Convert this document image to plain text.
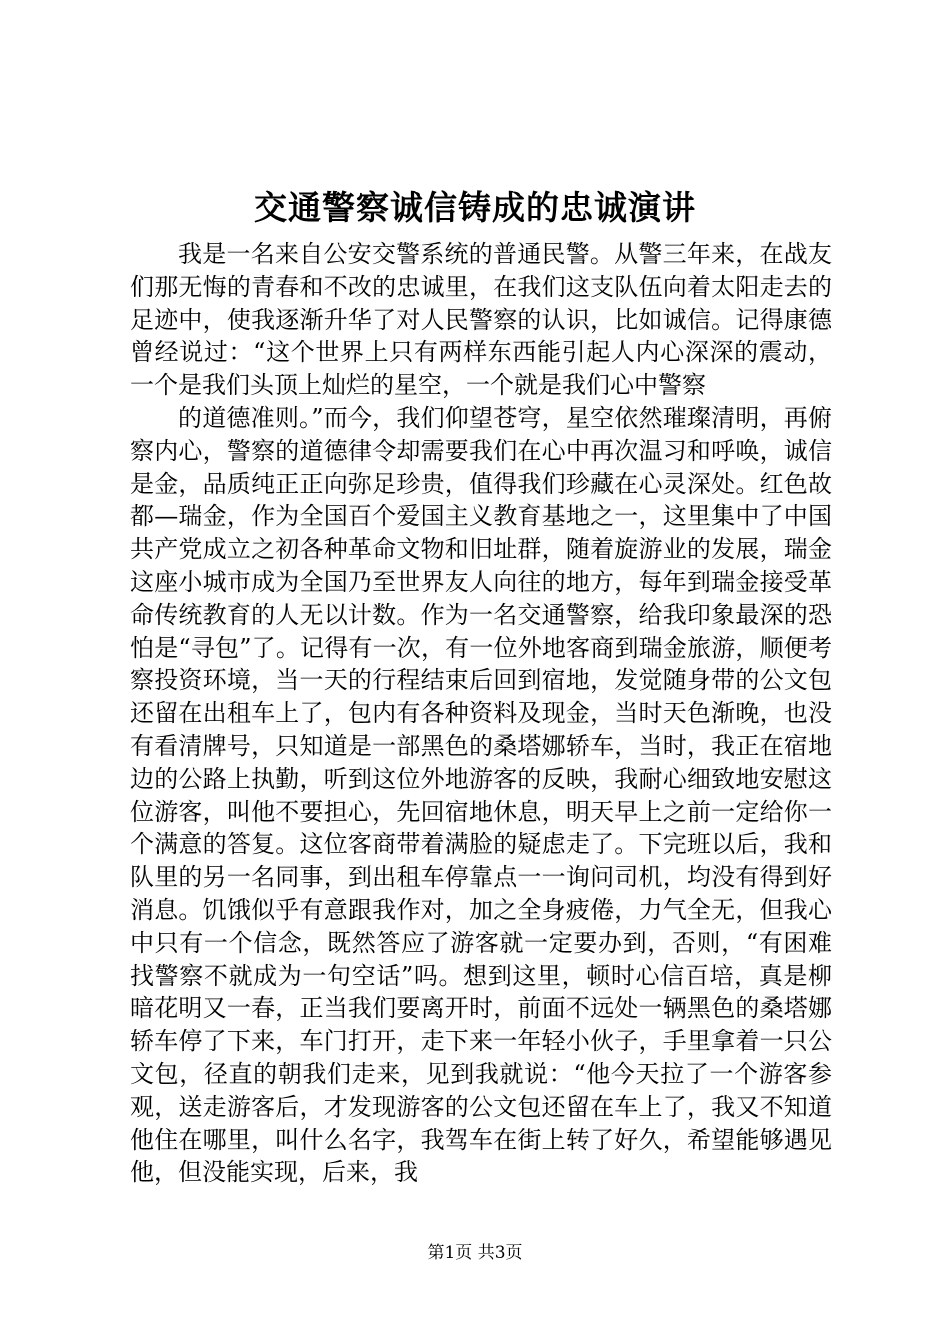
交通警察诚信铸成的忠诚演讲

我是一名来自公安交警系统的普通民警。从警三年来，在战友们那无悔的青春和不改的忠诚里，在我们这支队伍向着太阳走去的足迹中，使我逐渐升华了对人民警察的认识，比如诚信。记得康德曾经说过：“这个世界上只有两样东西能引起人内心深深的震动，一个是我们头顶上灿烂的星空，一个就是我们心中警察

的道德准则。”而今，我们仰望苍穹，星空依然璀璨清明，再俯察内心，警察的道德律令却需要我们在心中再次温习和呼唤，诚信是金，品质纯正正向弥足珍贵，值得我们珍藏在心灵深处。红色故都—瑞金，作为全国百个爱国主义教育基地之一，这里集中了中国共产党成立之初各种革命文物和旧址群，随着旋游业的发展，瑞金这座小城市成为全国乃至世界友人向往的地方，每年到瑞金接受革命传统教育的人无以计数。作为一名交通警察，给我印象最深的恐怕是“寻包”了。记得有一次，有一位外地客商到瑞金旅游，顺便考察投资环境，当一天的行程结束后回到宿地，发觉随身带的公文包还留在出租车上了，包内有各种资料及现金，当时天色渐晚，也没有看清牌号，只知道是一部黑色的桑塔娜轿车，当时，我正在宿地边的公路上执勤，听到这位外地游客的反映，我耐心细致地安慰这位游客，叫他不要担心，先回宿地休息，明天早上之前一定给你一个满意的答复。这位客商带着满脸的疑虑走了。下完班以后，我和队里的另一名同事，到出租车停靠点一一询问司机，均没有得到好消息。饥饿似乎有意跟我作对，加之全身疲倦，力气全无，但我心中只有一个信念，既然答应了游客就一定要办到，否则，“有困难找警察不就成为一句空话”吗。想到这里，顿时心信百培，真是柳暗花明又一春，正当我们要离开时，前面不远处一辆黑色的桑塔娜轿车停了下来，车门打开，走下来一年轻小伙子，手里拿着一只公文包，径直的朝我们走来，见到我就说：“他今天拉了一个游客参观，送走游客后，才发现游客的公文包还留在车上了，我又不知道他住在哪里，叫什么名字，我驾车在街上转了好久，希望能够遇见他，但没能实现，后来，我

第1页 共3页
